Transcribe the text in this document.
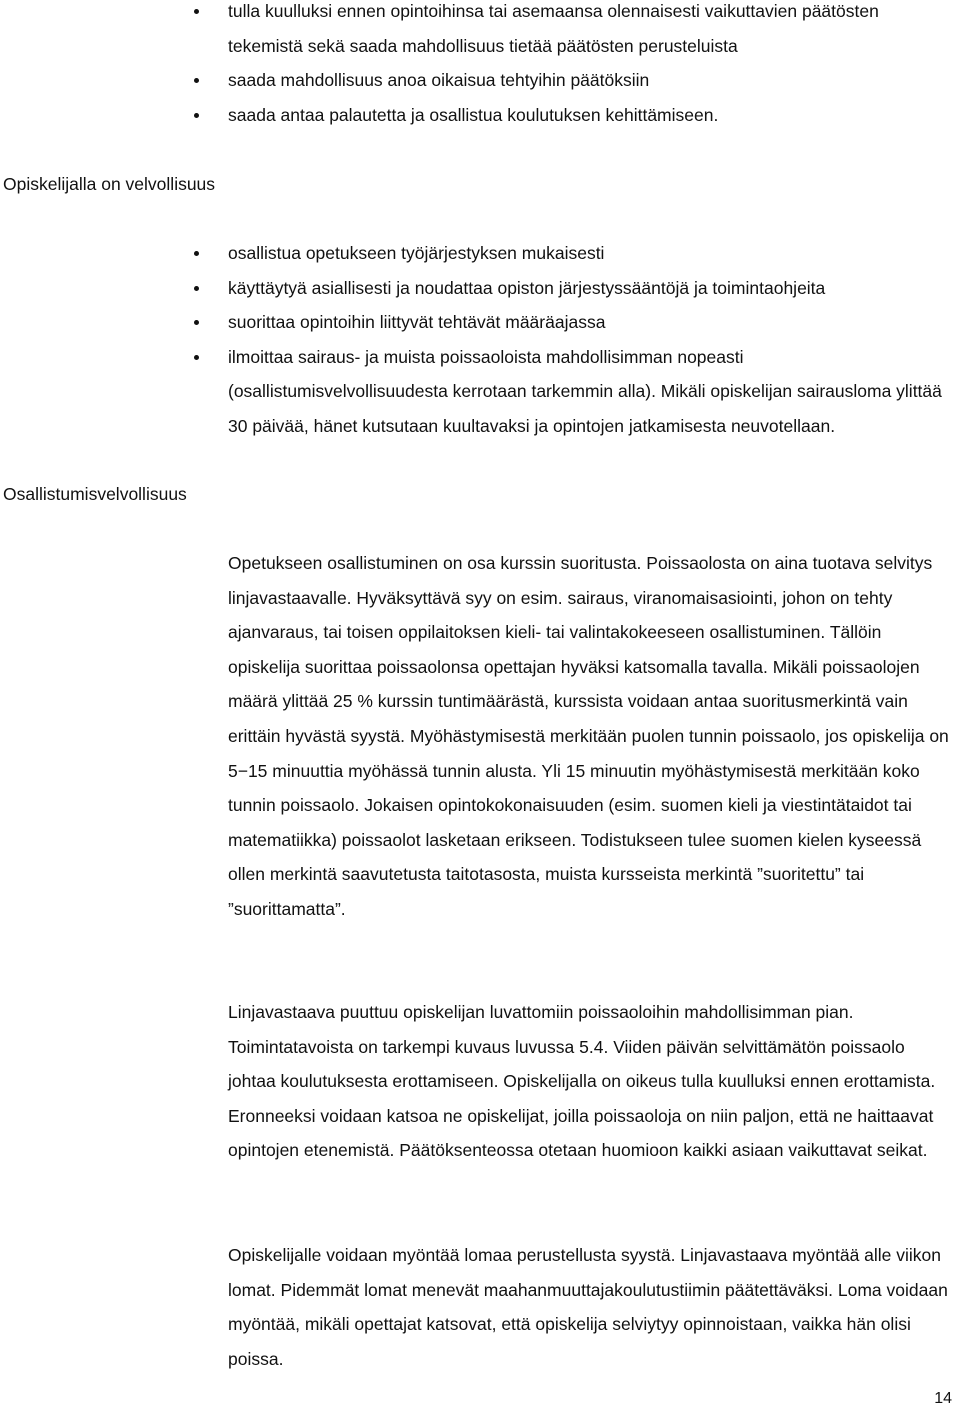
tulla kuulluksi ennen opintoihinsa tai asemaansa olennaisesti vaikuttavien päätösten tekemistä sekä saada mahdollisuus tietää päätösten perusteluista
saada mahdollisuus anoa oikaisua tehtyihin päätöksiin
saada antaa palautetta ja osallistua koulutuksen kehittämiseen.
Opiskelijalla on velvollisuus
osallistua opetukseen työjärjestyksen mukaisesti
käyttäytyä asiallisesti ja noudattaa opiston järjestyssääntöjä ja toimintaohjeita
suorittaa opintoihin liittyvät tehtävät määräajassa
ilmoittaa sairaus- ja muista poissaoloista mahdollisimman nopeasti (osallistumisvelvollisuudesta kerrotaan tarkemmin alla). Mikäli opiskelijan sairausloma ylittää 30 päivää, hänet kutsutaan kuultavaksi ja opintojen jatkamisesta neuvotellaan.
Osallistumisvelvollisuus

Opetukseen osallistuminen on osa kurssin suoritusta. Poissaolosta on aina tuotava selvitys linjavastaavalle. Hyväksyttävä syy on esim. sairaus, viranomaisasiointi, johon on tehty ajanvaraus, tai toisen oppilaitoksen kieli- tai valintakokeeseen osallistuminen. Tällöin opiskelija suorittaa poissaolonsa opettajan hyväksi katsomalla tavalla. Mikäli poissaolojen määrä ylittää 25 % kurssin tuntimäärästä, kurssista voidaan antaa suoritusmerkintä vain erittäin hyvästä syystä. Myöhästymisestä merkitään puolen tunnin poissaolo, jos opiskelija on 5−15 minuuttia myöhässä tunnin alusta. Yli 15 minuutin myöhästymisestä merkitään koko tunnin poissaolo. Jokaisen opintokokonaisuuden (esim. suomen kieli ja viestintätaidot tai matematiikka) poissaolot lasketaan erikseen. Todistukseen tulee suomen kielen kyseessä ollen merkintä saavutetusta taitotasosta, muista kursseista merkintä ”suoritettu” tai ”suorittamatta”.

Linjavastaava puuttuu opiskelijan luvattomiin poissaoloihin mahdollisimman pian. Toimintatavoista on tarkempi kuvaus luvussa 5.4. Viiden päivän selvittämätön poissaolo johtaa koulutuksesta erottamiseen. Opiskelijalla on oikeus tulla kuulluksi ennen erottamista. Eronneeksi voidaan katsoa ne opiskelijat, joilla poissaoloja on niin paljon, että ne haittaavat opintojen etenemistä. Päätöksenteossa otetaan huomioon kaikki asiaan vaikuttavat seikat.

Opiskelijalle voidaan myöntää lomaa perustellusta syystä. Linjavastaava myöntää alle viikon lomat. Pidemmät lomat menevät maahanmuuttajakoulutustiimin päätettäväksi. Loma voidaan myöntää, mikäli opettajat katsovat, että opiskelija selviytyy opinnoistaan, vaikka hän olisi poissa.

14
